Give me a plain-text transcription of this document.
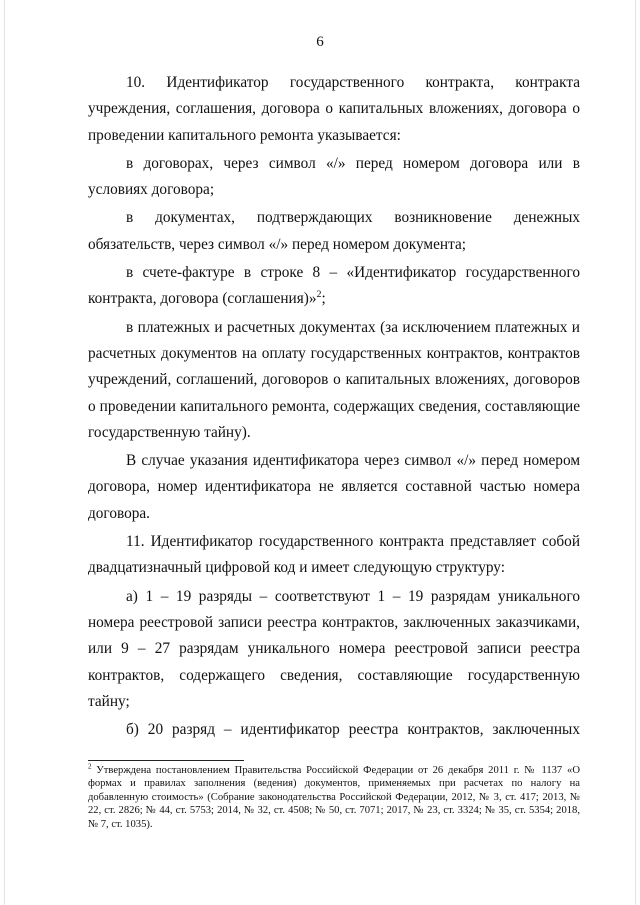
6

10. Идентификатор государственного контракта, контракта учреждения, соглашения, договора о капитальных вложениях, договора о проведении капитального ремонта указывается:

в договорах, через символ «/» перед номером договора или в условиях договора;

в документах, подтверждающих возникновение денежных обязательств, через символ «/» перед номером документа;

в счете-фактуре в строке 8 – «Идентификатор государственного контракта, договора (соглашения)»$^2$;

в платежных и расчетных документах (за исключением платежных и расчетных документов на оплату государственных контрактов, контрактов учреждений, соглашений, договоров о капитальных вложениях, договоров о проведении капитального ремонта, содержащих сведения, составляющие государственную тайну).

В случае указания идентификатора через символ «/» перед номером договора, номер идентификатора не является составной частью номера договора.

11. Идентификатор государственного контракта представляет собой двадцатизначный цифровой код и имеет следующую структуру:

а) 1 – 19 разряды – соответствуют 1 – 19 разрядам уникального номера реестровой записи реестра контрактов, заключенных заказчиками, или 9 – 27 разрядам уникального номера реестровой записи реестра контрактов, содержащего сведения, составляющие государственную тайну;

б) 20 разряд – идентификатор реестра контрактов, заключенных

$^2$ Утверждена постановлением Правительства Российской Федерации от 26 декабря 2011 г. № 1137 «О формах и правилах заполнения (ведения) документов, применяемых при расчетах по налогу на добавленную стоимость» (Собрание законодательства Российской Федерации, 2012, № 3, ст. 417; 2013, № 22, ст. 2826; № 44, ст. 5753; 2014, № 32, ст. 4508; № 50, ст. 7071; 2017, № 23, ст. 3324; № 35, ст. 5354; 2018, № 7, ст. 1035).
